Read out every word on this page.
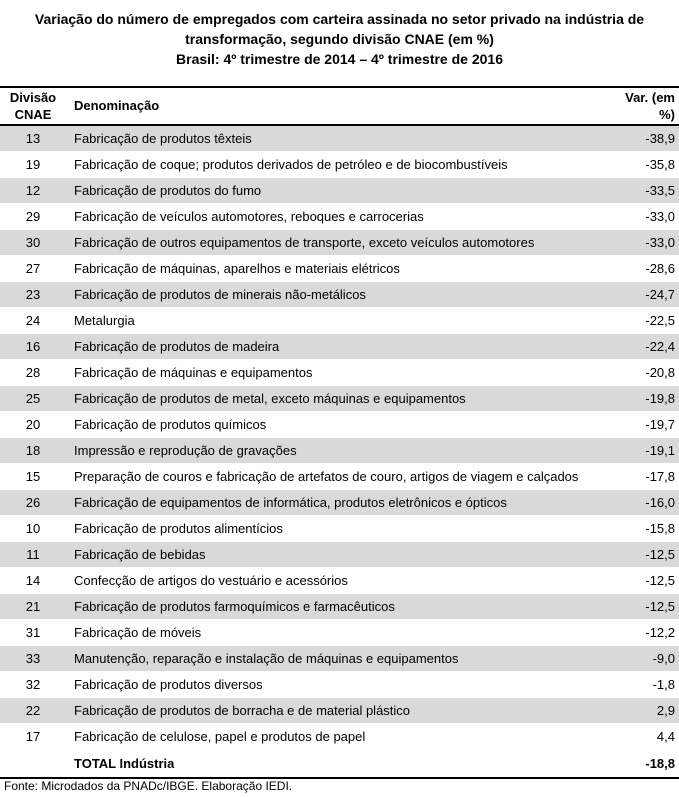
Variação do número de empregados com carteira assinada no setor privado na indústria de
transformação, segundo divisão CNAE (em %)
Brasil: 4º trimestre de 2014 – 4º trimestre de 2016
Divisão
CNAE	Denominação	Var. (em
%)
13	Fabricação de produtos têxteis	-38,9
19	Fabricação de coque; produtos derivados de petróleo e de biocombustíveis	-35,8
12	Fabricação de produtos do fumo	-33,5
29	Fabricação de veículos automotores, reboques e carrocerias	-33,0
30	Fabricação de outros equipamentos de transporte, exceto veículos automotores	-33,0
27	Fabricação de máquinas, aparelhos e materiais elétricos	-28,6
23	Fabricação de produtos de minerais não-metálicos	-24,7
24	Metalurgia	-22,5
16	Fabricação de produtos de madeira	-22,4
28	Fabricação de máquinas e equipamentos	-20,8
25	Fabricação de produtos de metal, exceto máquinas e equipamentos	-19,8
20	Fabricação de produtos químicos	-19,7
18	Impressão e reprodução de gravações	-19,1
15	Preparação de couros e fabricação de artefatos de couro, artigos de viagem e calçados	-17,8
26	Fabricação de equipamentos de informática, produtos eletrônicos e ópticos	-16,0
10	Fabricação de produtos alimentícios	-15,8
11	Fabricação de bebidas	-12,5
14	Confecção de artigos do vestuário e acessórios	-12,5
21	Fabricação de produtos farmoquímicos e farmacêuticos	-12,5
31	Fabricação de móveis	-12,2
33	Manutenção, reparação e instalação de máquinas e equipamentos	-9,0
32	Fabricação de produtos diversos	-1,8
22	Fabricação de produtos de borracha e de material plástico	2,9
17	Fabricação de celulose, papel e produtos de papel	4,4
	TOTAL Indústria	-18,8
Fonte: Microdados da PNADc/IBGE. Elaboração IEDI.
